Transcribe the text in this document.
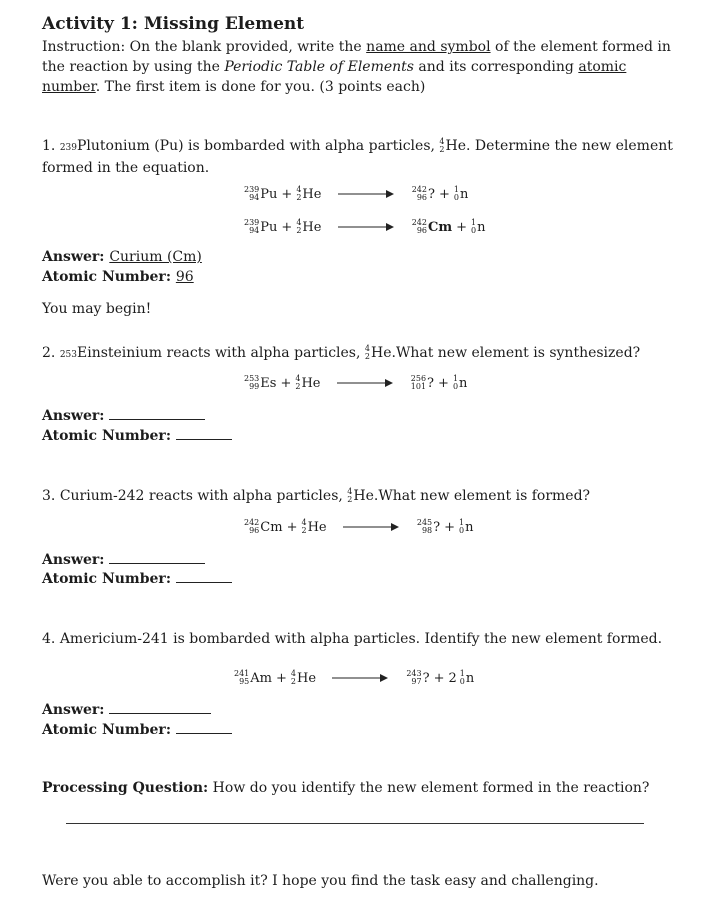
Activity 1: Missing Element
Instruction: On the blank provided, write the name and symbol of the element formed in the reaction by using the Periodic Table of Elements and its corresponding atomic number. The first item is done for you. (3 points each)
1. 239Plutonium (Pu) is bombarded with alpha particles, 4
2 He . Determine the new element formed in the equation.
239
94 Pu + 4
2 He
	242
96 ? + 1
0 n
239
94 Pu + 4
2 He
	242
96 Cm + 1
0 n
Answer: Curium (Cm)
Atomic Number: 96
You may begin!
2. 253Einsteinium reacts with alpha particles, 4
2 He .What new element is synthesized?
253
99 Es + 4
2 He
	256
101 ? + 1
0 n
Answer:
Atomic Number:
3. Curium-242 reacts with alpha particles, 4
2 He .What new element is formed?
242
96 Cm + 4
2 He
	245
98 ? + 1
0 n
Answer:
Atomic Number:
4. Americium-241 is bombarded with alpha particles. Identify the new element formed.
241
95 Am + 4
2 He
	243
97 ? + 2 1
0 n
Answer:
Atomic Number:
Processing Question: How do you identify the new element formed in the reaction?
Were you able to accomplish it? I hope you find the task easy and challenging.
